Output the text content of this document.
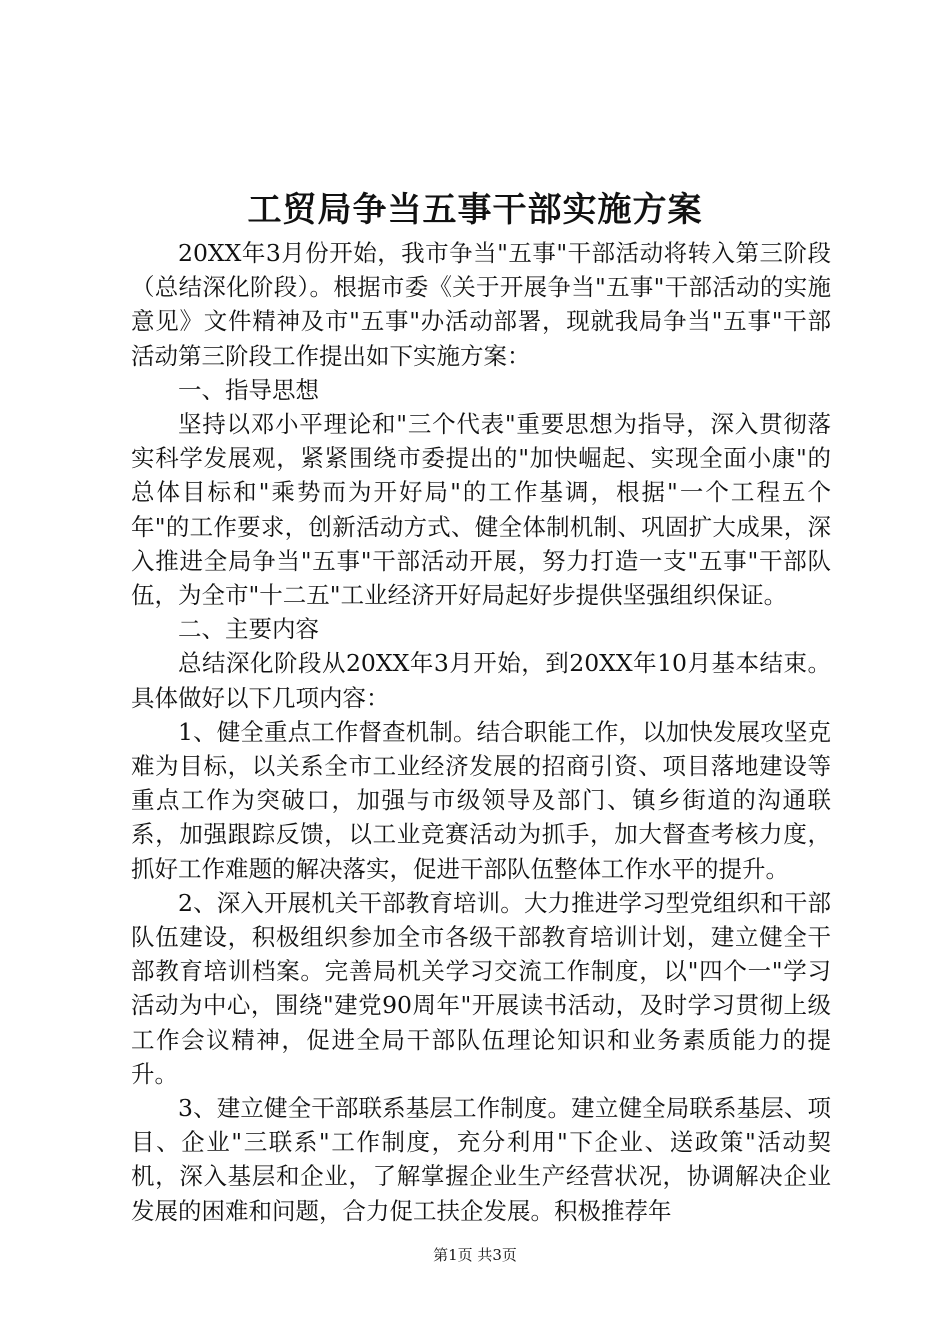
工贸局争当五事干部实施方案

20XX年3月份开始，我市争当"五事"干部活动将转入第三阶段（总结深化阶段）。根据市委《关于开展争当"五事"干部活动的实施意见》文件精神及市"五事"办活动部署，现就我局争当"五事"干部活动第三阶段工作提出如下实施方案：

一、指导思想

坚持以邓小平理论和"三个代表"重要思想为指导，深入贯彻落实科学发展观，紧紧围绕市委提出的"加快崛起、实现全面小康"的总体目标和"乘势而为开好局"的工作基调，根据"一个工程五个年"的工作要求，创新活动方式、健全体制机制、巩固扩大成果，深入推进全局争当"五事"干部活动开展，努力打造一支"五事"干部队伍，为全市"十二五"工业经济开好局起好步提供坚强组织保证。

二、主要内容

总结深化阶段从20XX年3月开始，到20XX年10月基本结束。具体做好以下几项内容：

1、健全重点工作督查机制。结合职能工作，以加快发展攻坚克难为目标，以关系全市工业经济发展的招商引资、项目落地建设等重点工作为突破口，加强与市级领导及部门、镇乡街道的沟通联系，加强跟踪反馈，以工业竞赛活动为抓手，加大督查考核力度，抓好工作难题的解决落实，促进干部队伍整体工作水平的提升。

2、深入开展机关干部教育培训。大力推进学习型党组织和干部队伍建设，积极组织参加全市各级干部教育培训计划，建立健全干部教育培训档案。完善局机关学习交流工作制度，以"四个一"学习活动为中心，围绕"建党90周年"开展读书活动，及时学习贯彻上级工作会议精神，促进全局干部队伍理论知识和业务素质能力的提升。

3、建立健全干部联系基层工作制度。建立健全局联系基层、项目、企业"三联系"工作制度，充分利用"下企业、送政策"活动契机，深入基层和企业，了解掌握企业生产经营状况，协调解决企业发展的困难和问题，合力促工扶企发展。积极推荐年

第1页 共3页
